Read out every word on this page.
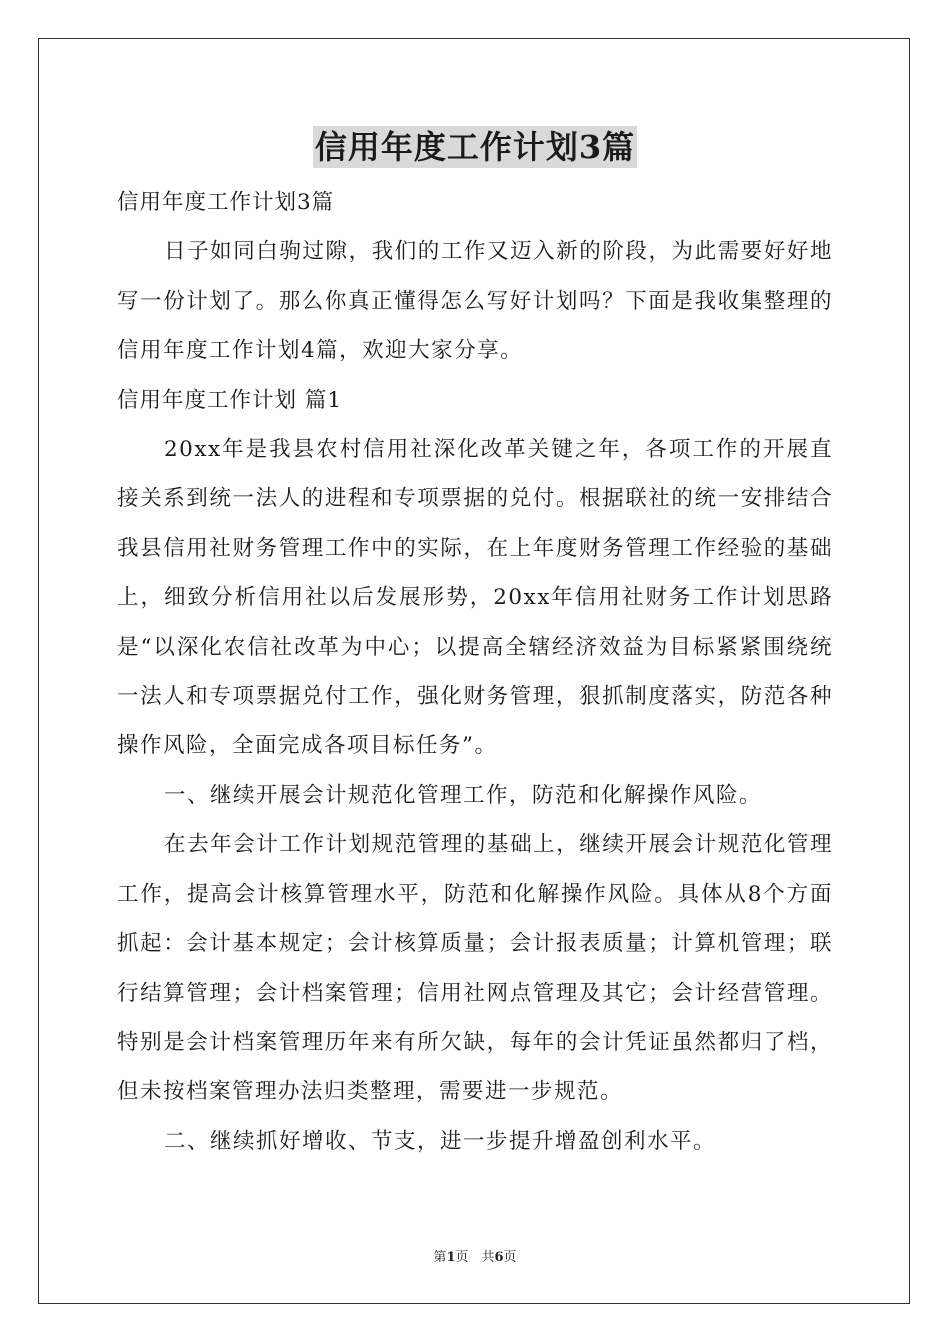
信用年度工作计划3篇

信用年度工作计划3篇

日子如同白驹过隙，我们的工作又迈入新的阶段，为此需要好好地写一份计划了。那么你真正懂得怎么写好计划吗？下面是我收集整理的信用年度工作计划4篇，欢迎大家分享。

信用年度工作计划 篇1

20xx年是我县农村信用社深化改革关键之年，各项工作的开展直接关系到统一法人的进程和专项票据的兑付。根据联社的统一安排结合我县信用社财务管理工作中的实际，在上年度财务管理工作经验的基础上，细致分析信用社以后发展形势，20xx年信用社财务工作计划思路是“以深化农信社改革为中心；以提高全辖经济效益为目标紧紧围绕统一法人和专项票据兑付工作，强化财务管理，狠抓制度落实，防范各种操作风险，全面完成各项目标任务”。

一、继续开展会计规范化管理工作，防范和化解操作风险。

在去年会计工作计划规范管理的基础上，继续开展会计规范化管理工作，提高会计核算管理水平，防范和化解操作风险。具体从8个方面抓起：会计基本规定；会计核算质量；会计报表质量；计算机管理；联行结算管理；会计档案管理；信用社网点管理及其它；会计经营管理。特别是会计档案管理历年来有所欠缺，每年的会计凭证虽然都归了档，但未按档案管理办法归类整理，需要进一步规范。

二、继续抓好增收、节支，进一步提升增盈创利水平。

第1页　共6页
